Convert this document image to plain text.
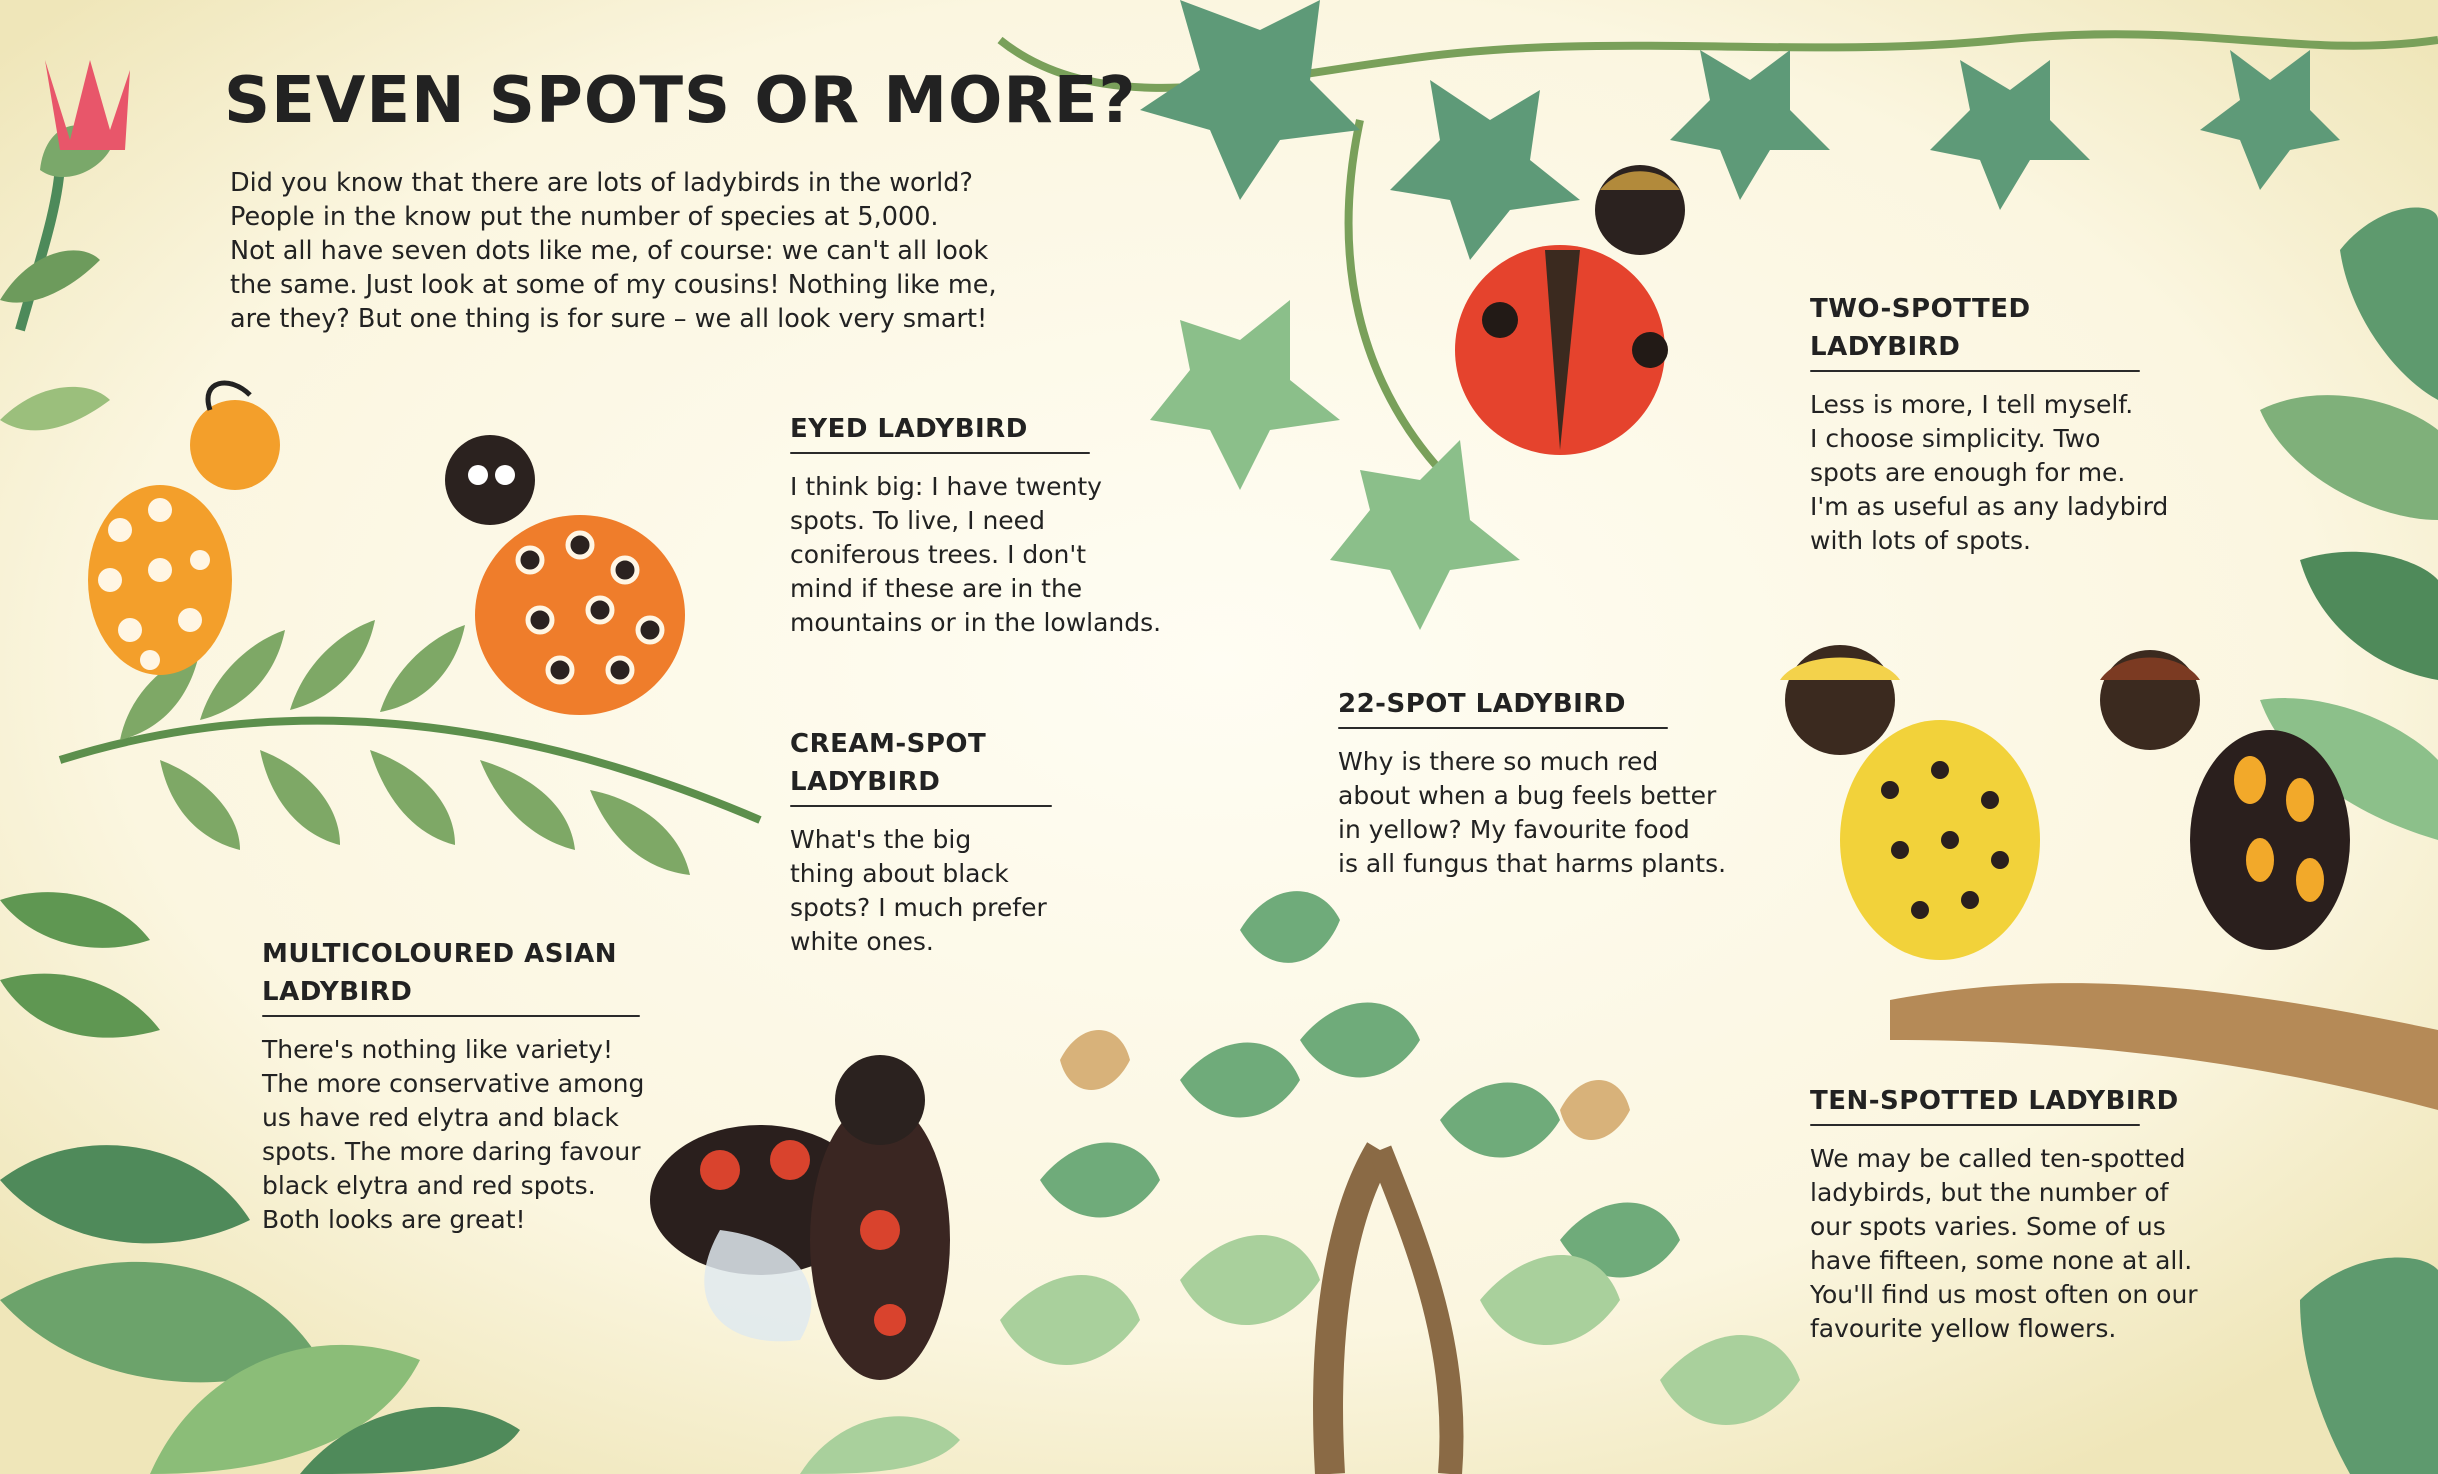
SEVEN SPOTS OR MORE?
Did you know that there are lots of ladybirds in the world?
People in the know put the number of species at 5,000.
Not all have seven dots like me, of course: we can't all look
the same. Just look at some of my cousins! Nothing like me,
are they? But one thing is for sure – we all look very smart!
EYED LADYBIRD
I think big: I have twenty
spots. To live, I need
coniferous trees. I don't
mind if these are in the
mountains or in the lowlands.
CREAM-SPOT
LADYBIRD
What's the big
thing about black
spots? I much prefer
white ones.
MULTICOLOURED ASIAN LADYBIRD
There's nothing like variety!
The more conservative among
us have red elytra and black
spots. The more daring favour
black elytra and red spots.
Both looks are great!
22-SPOT LADYBIRD
Why is there so much red
about when a bug feels better
in yellow? My favourite food
is all fungus that harms plants.
TWO-SPOTTED LADYBIRD
Less is more, I tell myself.
I choose simplicity. Two
spots are enough for me.
I'm as useful as any ladybird
with lots of spots.
TEN-SPOTTED LADYBIRD
We may be called ten-spotted
ladybirds, but the number of
our spots varies. Some of us
have fifteen, some none at all.
You'll find us most often on our
favourite yellow flowers.
